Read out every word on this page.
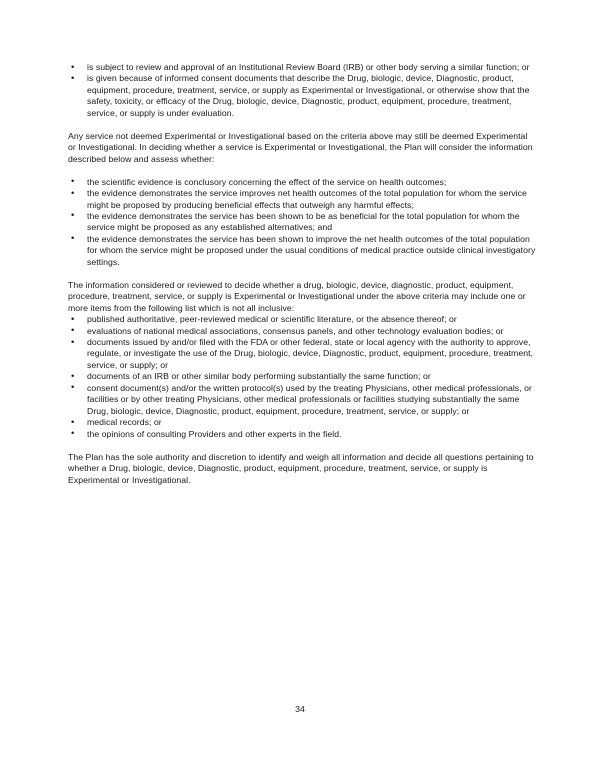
• is subject to review and approval of an Institutional Review Board (IRB) or other body serving a similar function; or
• is given because of informed consent documents that describe the Drug, biologic, device, Diagnostic, product, equipment, procedure, treatment, service, or supply as Experimental or Investigational, or otherwise show that the safety, toxicity, or efficacy of the Drug, biologic, device, Diagnostic, product, equipment, procedure, treatment, service, or supply is under evaluation.

Any service not deemed Experimental or Investigational based on the criteria above may still be deemed Experimental or Investigational. In deciding whether a service is Experimental or Investigational, the Plan will consider the information described below and assess whether:

• the scientific evidence is conclusory concerning the effect of the service on health outcomes;
• the evidence demonstrates the service improves net health outcomes of the total population for whom the service might be proposed by producing beneficial effects that outweigh any harmful effects;
• the evidence demonstrates the service has been shown to be as beneficial for the total population for whom the service might be proposed as any established alternatives; and
• the evidence demonstrates the service has been shown to improve the net health outcomes of the total population for whom the service might be proposed under the usual conditions of medical practice outside clinical investigatory settings.

The information considered or reviewed to decide whether a drug, biologic, device, diagnostic, product, equipment, procedure, treatment, service, or supply is Experimental or Investigational under the above criteria may include one or more items from the following list which is not all inclusive:

• published authoritative, peer-reviewed medical or scientific literature, or the absence thereof; or
• evaluations of national medical associations, consensus panels, and other technology evaluation bodies; or
• documents issued by and/or filed with the FDA or other federal, state or local agency with the authority to approve, regulate, or investigate the use of the Drug, biologic, device, Diagnostic, product, equipment, procedure, treatment, service, or supply; or
• documents of an IRB or other similar body performing substantially the same function; or
• consent document(s) and/or the written protocol(s) used by the treating Physicians, other medical professionals, or facilities or by other treating Physicians, other medical professionals or facilities studying substantially the same Drug, biologic, device, Diagnostic, product, equipment, procedure, treatment, service, or supply; or
• medical records; or
• the opinions of consulting Providers and other experts in the field.

The Plan has the sole authority and discretion to identify and weigh all information and decide all questions pertaining to whether a Drug, biologic, device, Diagnostic, product, equipment, procedure, treatment, service, or supply is Experimental or Investigational.

34
